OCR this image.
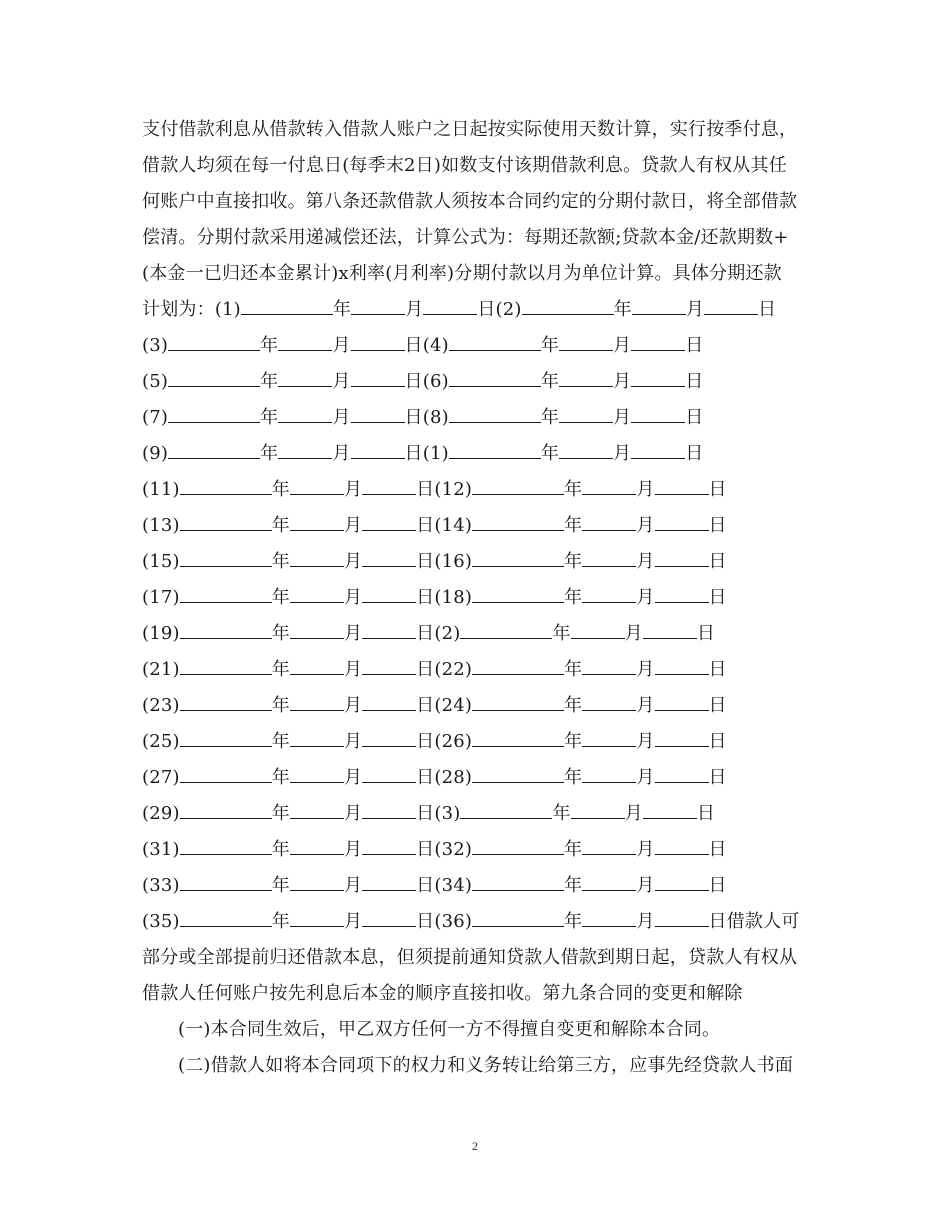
支付借款利息从借款转入借款人账户之日起按实际使用天数计算，实行按季付息，
借款人均须在每一付息日(每季末2日)如数支付该期借款利息。贷款人有权从其任
何账户中直接扣收。第八条还款借款人须按本合同约定的分期付款日，将全部借款
偿清。分期付款采用递减偿还法，计算公式为：每期还款额;贷款本金/还款期数+
(本金一已归还本金累计)x利率(月利率)分期付款以月为单位计算。具体分期还款
计划为：(1)	年	月	日(2)	年	月	日
(3)	年	月	日(4)	年	月	日
(5)	年	月	日(6)	年	月	日
(7)	年	月	日(8)	年	月	日
(9)	年	月	日(1)	年	月	日
(11)	年	月	日(12)	年	月	日
(13)	年	月	日(14)	年	月	日
(15)	年	月	日(16)	年	月	日
(17)	年	月	日(18)	年	月	日
(19)	年	月	日(2)	年	月	日
(21)	年	月	日(22)	年	月	日
(23)	年	月	日(24)	年	月	日
(25)	年	月	日(26)	年	月	日
(27)	年	月	日(28)	年	月	日
(29)	年	月	日(3)	年	月	日
(31)	年	月	日(32)	年	月	日
(33)	年	月	日(34)	年	月	日
(35)	年	月	日(36)	年	月	日借款人可
部分或全部提前归还借款本息，但须提前通知贷款人借款到期日起，贷款人有权从
借款人任何账户按先利息后本金的顺序直接扣收。第九条合同的变更和解除
(一)本合同生效后，甲乙双方任何一方不得擅自变更和解除本合同。
(二)借款人如将本合同项下的权力和义务转让给第三方，应事先经贷款人书面
2
